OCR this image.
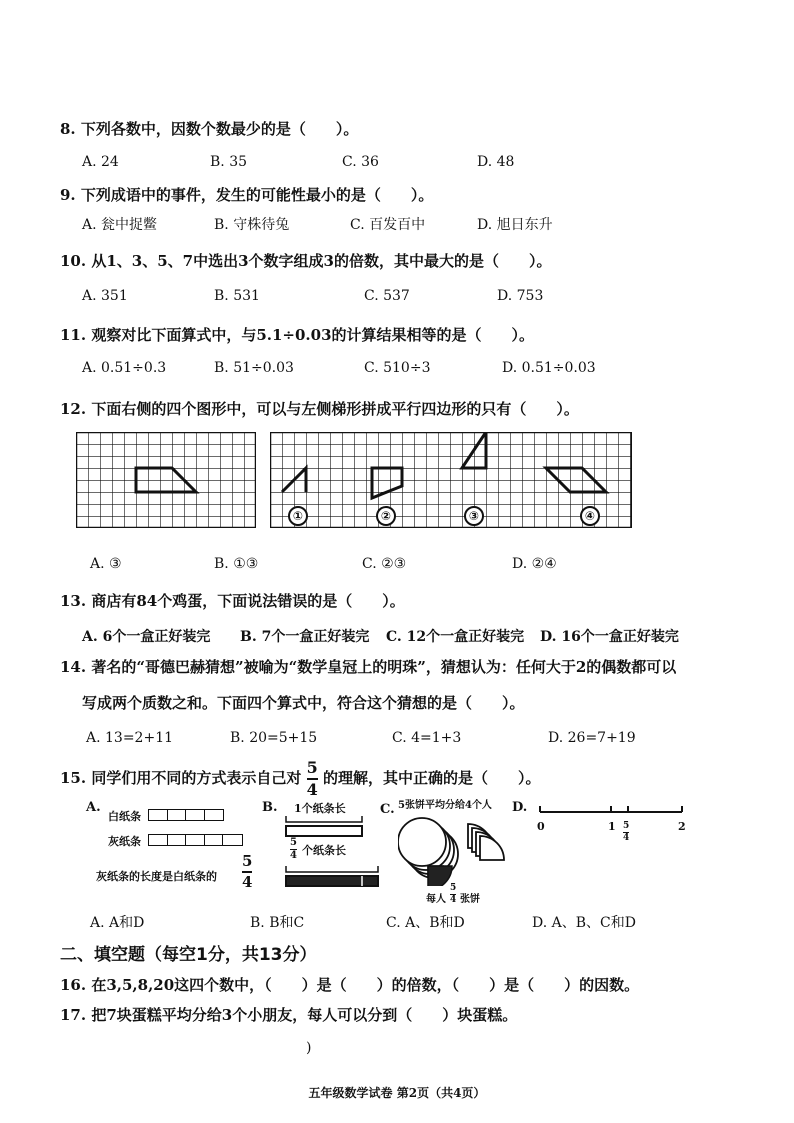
8. 下列各数中，因数个数最少的是（　　）。
A. 24	B. 35	C. 36	D. 48
9. 下列成语中的事件，发生的可能性最小的是（　　）。
A. 瓮中捉鳖	B. 守株待兔	C. 百发百中	D. 旭日东升
10. 从1、3、5、7中选出3个数字组成3的倍数，其中最大的是（　　）。
A. 351	B. 531	C. 537	D. 753
11. 观察对比下面算式中，与5.1÷0.03的计算结果相等的是（　　）。
A. 0.51÷0.3	B. 51÷0.03	C. 510÷3	D. 0.51÷0.03
12. 下面右侧的四个图形中，可以与左侧梯形拼成平行四边形的只有（　　）。
①	②	③	④
A. ③	B. ①③	C. ②③	D. ②④
13. 商店有84个鸡蛋，下面说法错误的是（　　）。
A. 6个一盒正好装完 B. 7个一盒正好装完 C. 12个一盒正好装完 D. 16个一盒正好装完
14. 著名的“哥德巴赫猜想”被喻为“数学皇冠上的明珠”，猜想认为：任何大于2的偶数都可以
写成两个质数之和。下面四个算式中，符合这个猜想的是（　　）。
A. 13=2+11	B. 20=5+15	C. 4=1+3	D. 26=7+19
15. 同学们用不同的方式表示自己对 $\frac{5}{4}$ 的理解，其中正确的是（　　）。
A.
白纸条
灰纸条
灰纸条的长度是白纸条的
5
4
B. 1个纸条长
5
4 个纸条长
C. 5张饼平均分给4个人
每人
5
4 张饼
D.
0	1	2
5
4
A. A和D	B. B和C	C. A、B和D	D. A、B、C和D
二、填空题（每空1分，共13分）
16. 在3,5,8,20这四个数中，（　　）是（　　）的倍数，（　　）是（　　）的因数。
17. 把7块蛋糕平均分给3个小朋友，每人可以分到（　　）块蛋糕。
)
五年级数学试卷 第2页（共4页）
